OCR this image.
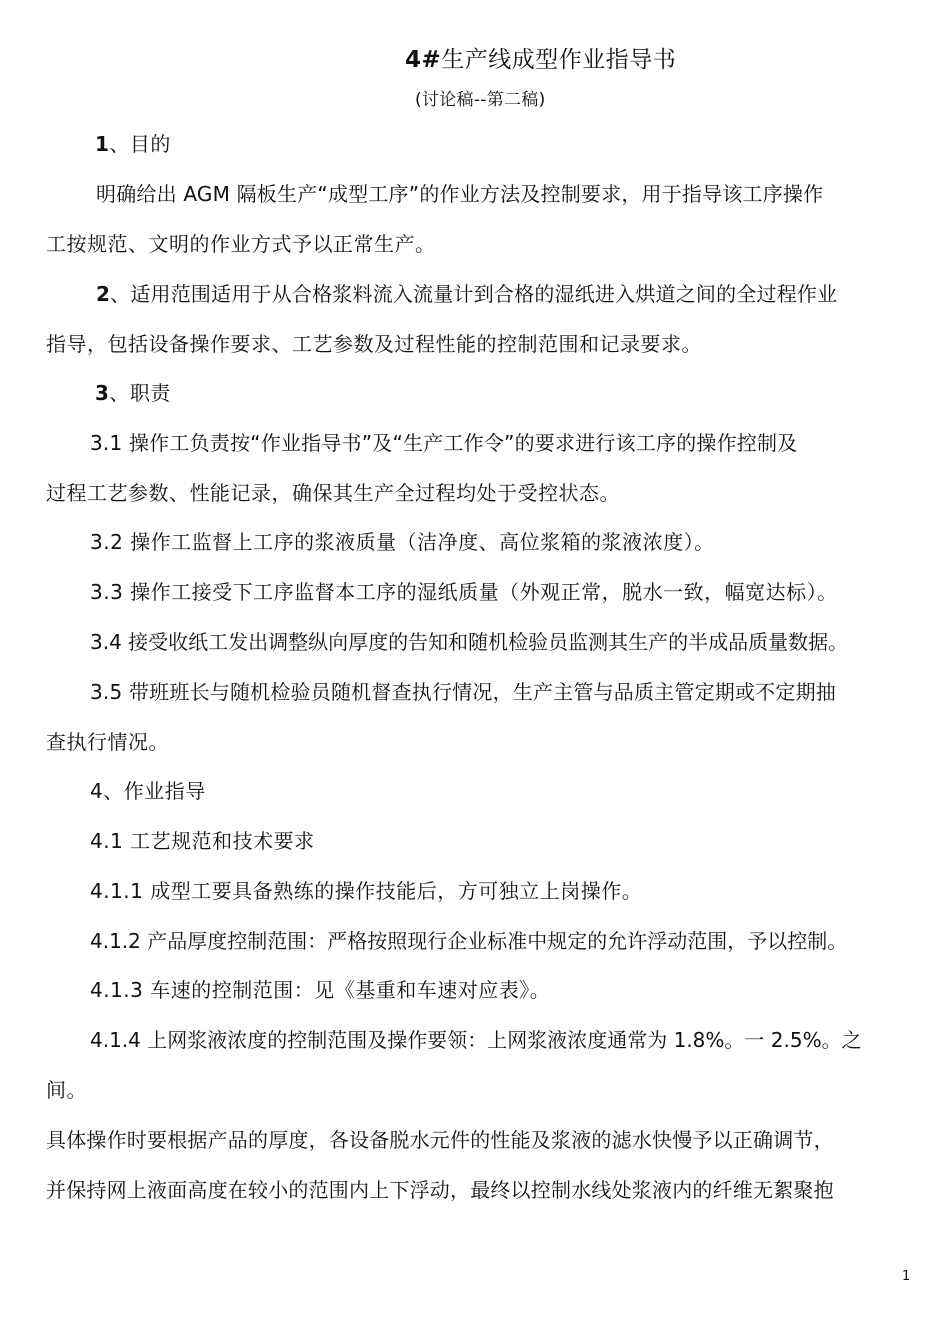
4#生产线成型作业指导书
(讨论稿--第二稿)
1、目的
明确给出 AGM 隔板生产“成型工序”的作业方法及控制要求，用于指导该工序操作
工按规范、文明的作业方式予以正常生产。
2、适用范围适用于从合格浆料流入流量计到合格的湿纸进入烘道之间的全过程作业
指导，包括设备操作要求、工艺参数及过程性能的控制范围和记录要求。
3、职责
3.1 操作工负责按“作业指导书”及“生产工作令”的要求进行该工序的操作控制及
过程工艺参数、性能记录，确保其生产全过程均处于受控状态。
3.2 操作工监督上工序的浆液质量（洁净度、高位浆箱的浆液浓度）。
3.3 操作工接受下工序监督本工序的湿纸质量（外观正常，脱水一致，幅宽达标）。
3.4 接受收纸工发出调整纵向厚度的告知和随机检验员监测其生产的半成品质量数据。
3.5 带班班长与随机检验员随机督查执行情况，生产主管与品质主管定期或不定期抽
查执行情况。
4、作业指导
4.1 工艺规范和技术要求
4.1.1 成型工要具备熟练的操作技能后，方可独立上岗操作。
4.1.2 产品厚度控制范围：严格按照现行企业标准中规定的允许浮动范围，予以控制。
4.1.3 车速的控制范围：见《基重和车速对应表》。
4.1.4 上网浆液浓度的控制范围及操作要领：上网浆液浓度通常为 1.8%。一 2.5%。之
间。
具体操作时要根据产品的厚度，各设备脱水元件的性能及浆液的滤水快慢予以正确调节，
并保持网上液面高度在较小的范围内上下浮动，最终以控制水线处浆液内的纤维无絮聚抱
1
